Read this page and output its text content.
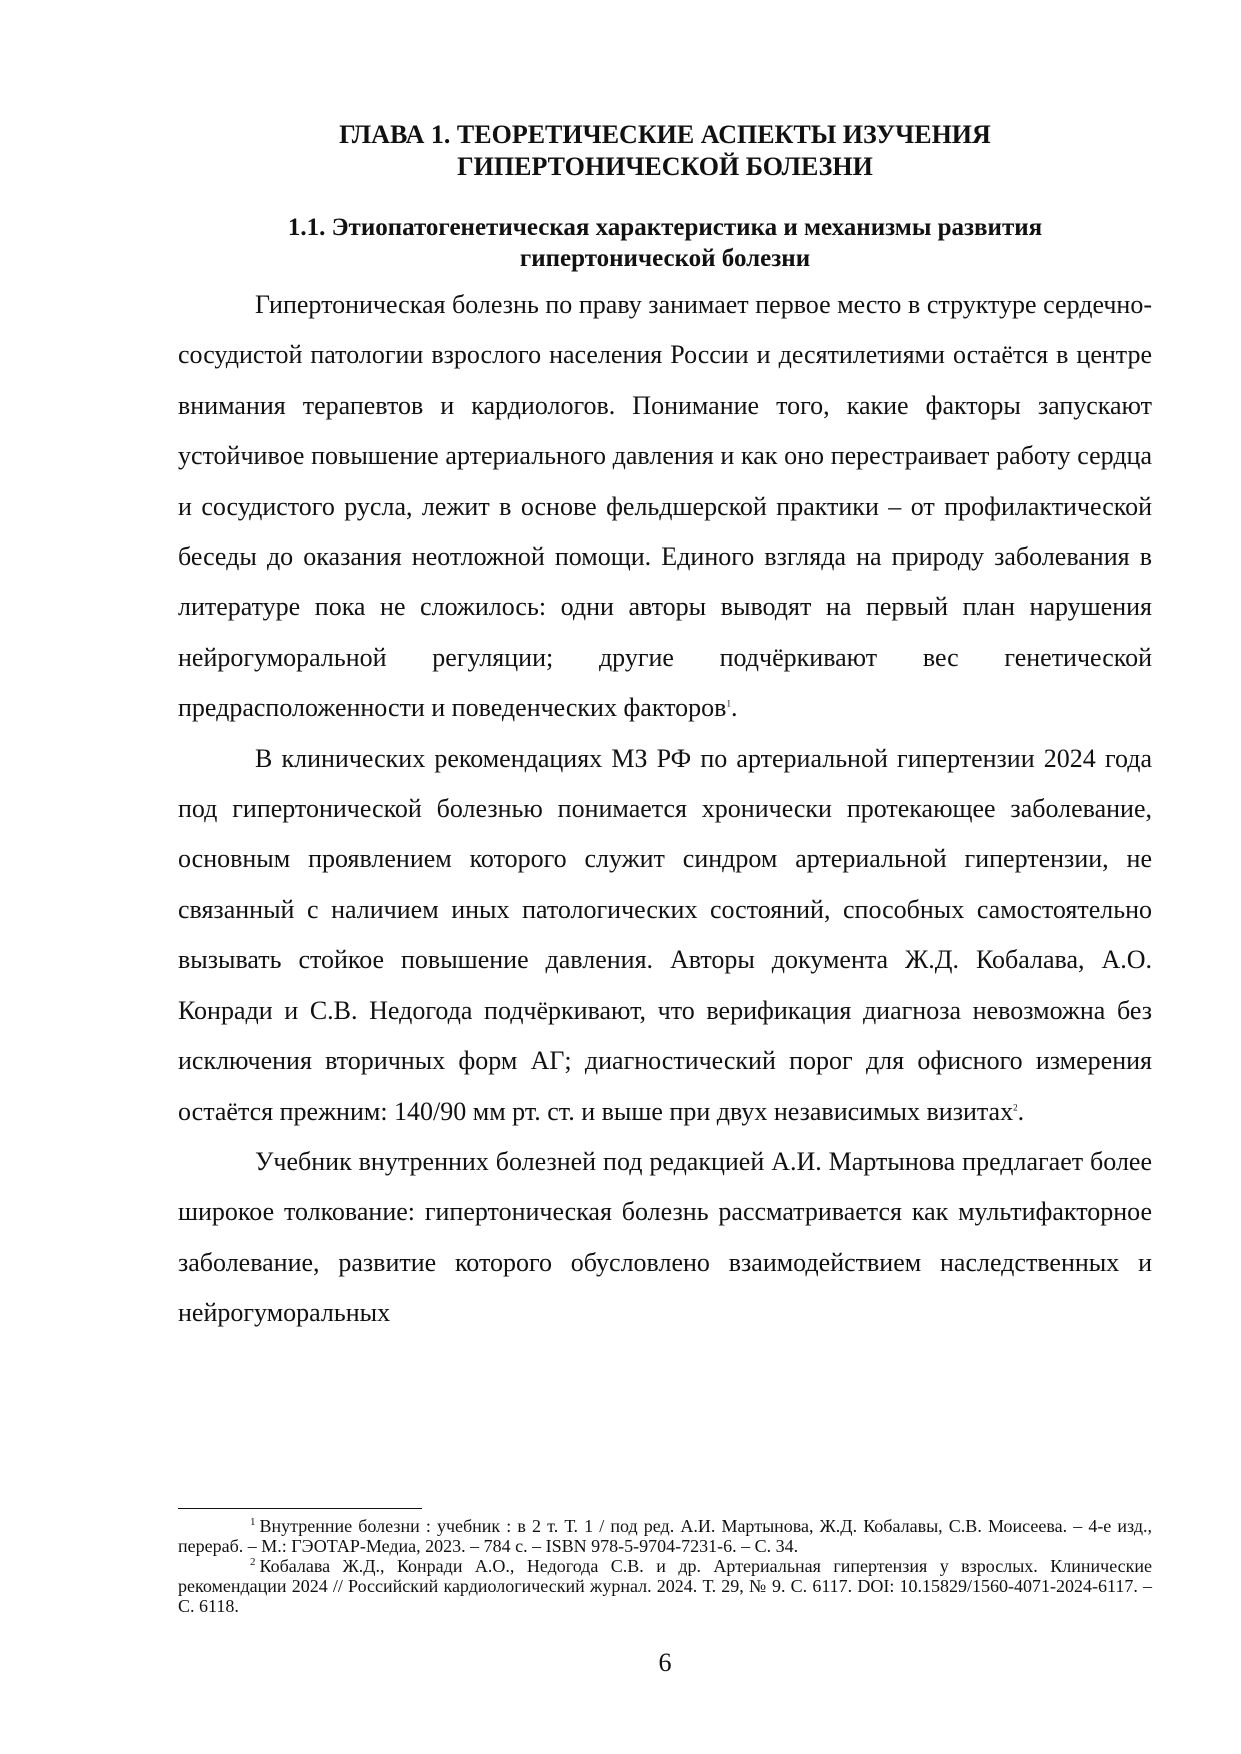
ГЛАВА 1. ТЕОРЕТИЧЕСКИЕ АСПЕКТЫ ИЗУЧЕНИЯ
ГИПЕРТОНИЧЕСКОЙ БОЛЕЗНИ
1.1. Этиопатогенетическая характеристика и механизмы развития
гипертонической болезни

Гипертоническая болезнь по праву занимает первое место в структуре сердечно-сосудистой патологии взрослого населения России и десятилетиями остаётся в центре внимания терапевтов и кардиологов. Понимание того, какие факторы запускают устойчивое повышение артериального давления и как оно перестраивает работу сердца и сосудистого русла, лежит в основе фельдшерской практики – от профилактической беседы до оказания неотложной помощи. Единого взгляда на природу заболевания в литературе пока не сложилось: одни авторы выводят на первый план нарушения нейрогуморальной регуляции; другие подчёркивают вес генетической предрасположенности и поведенческих факторов$^1$.

В клинических рекомендациях МЗ РФ по артериальной гипертензии 2024 года под гипертонической болезнью понимается хронически протекающее заболевание, основным проявлением которого служит синдром артериальной гипертензии, не связанный с наличием иных патологических состояний, способных самостоятельно вызывать стойкое повышение давления. Авторы документа Ж.Д. Кобалава, А.О. Конради и С.В. Недогода подчёркивают, что верификация диагноза невозможна без исключения вторичных форм АГ; диагностический порог для офисного измерения остаётся прежним: 140/90 мм рт. ст. и выше при двух независимых визитах$^2$.

Учебник внутренних болезней под редакцией А.И. Мартынова предлагает более широкое толкование: гипертоническая болезнь рассматривается как мультифакторное заболевание, развитие которого обусловлено взаимодействием наследственных и нейрогуморальных

$^1$ Внутренние болезни : учебник : в 2 т. Т. 1 / под ред. А.И. Мартынова, Ж.Д. Кобалавы, С.В. Моисеева. – 4-е изд., перераб. – М.: ГЭОТАР-Медиа, 2023. – 784 с. – ISBN 978-5-9704-7231-6. – С. 34.

$^2$ Кобалава Ж.Д., Конради А.О., Недогода С.В. и др. Артериальная гипертензия у взрослых. Клинические рекомендации 2024 // Российский кардиологический журнал. 2024. Т. 29, № 9. С. 6117. DOI: 10.15829/1560-4071-2024-6117. – С. 6118.

6
